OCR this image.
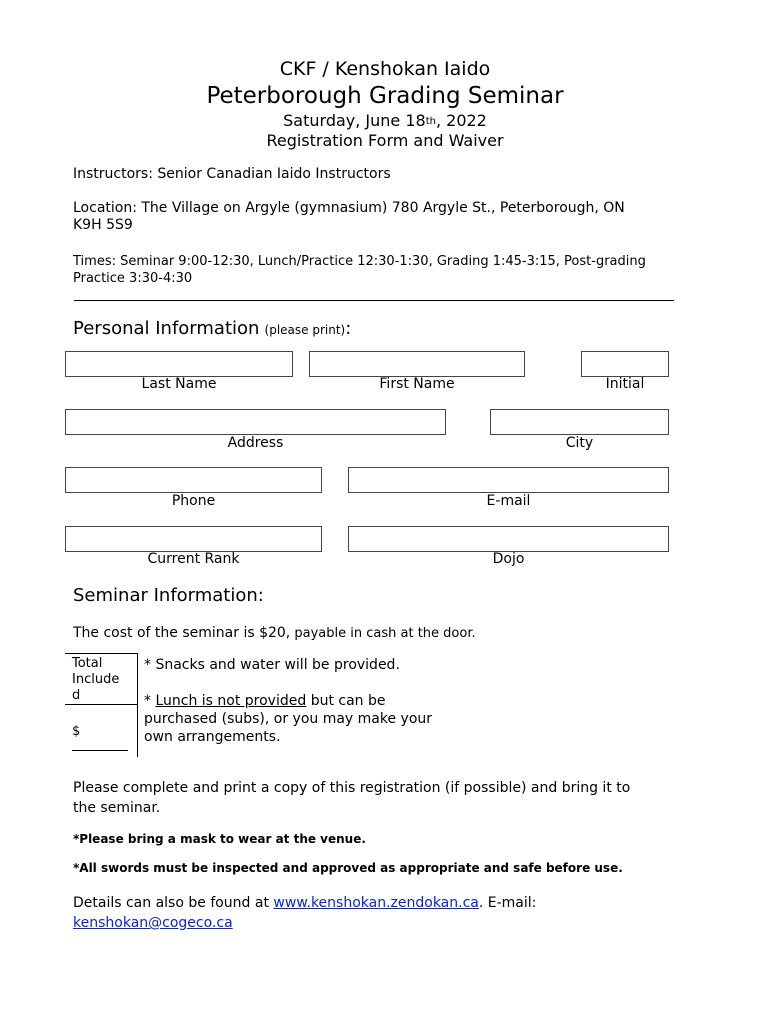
CKF / Kenshokan Iaido
Peterborough Grading Seminar
Saturday, June 18th, 2022
Registration Form and Waiver
Instructors: Senior Canadian Iaido Instructors
Location: The Village on Argyle (gymnasium) 780 Argyle St., Peterborough, ON
K9H 5S9
Times: Seminar 9:00-12:30, Lunch/Practice 12:30-1:30, Grading 1:45-3:15, Post-grading
Practice 3:30-4:30
Personal Information (please print):
Last Name	First Name	Initial
Address	City
Phone	E-mail
Current Rank	Dojo
Seminar Information:
The cost of the seminar is $20, payable in cash at the door.
Total
Include
d
$
* Snacks and water will be provided.
* Lunch is not provided but can be
purchased (subs), or you may make your
own arrangements.
Please complete and print a copy of this registration (if possible) and bring it to
the seminar.
*Please bring a mask to wear at the venue.
*All swords must be inspected and approved as appropriate and safe before use.
Details can also be found at www.kenshokan.zendokan.ca. E-mail:
kenshokan@cogeco.ca
